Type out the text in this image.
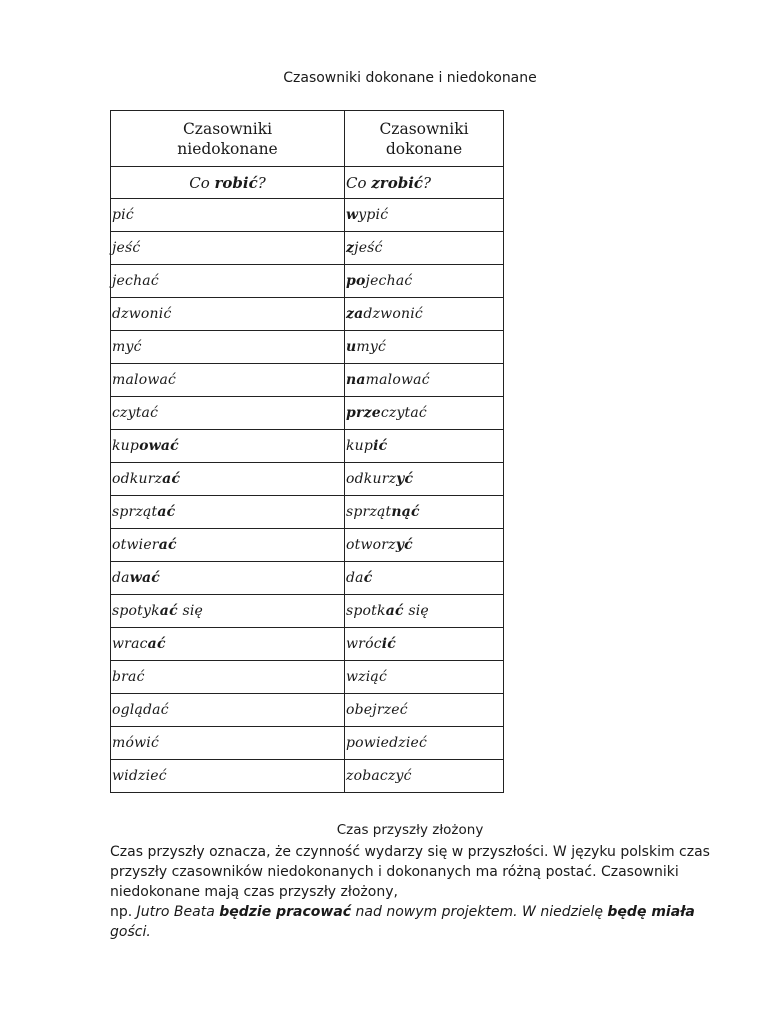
Czasowniki dokonane i niedokonane
Czasowniki niedokonane	Czasowniki dokonane
Co robić?	Co zrobić?
pić	wypić
jeść	zjeść
jechać	pojechać
dzwonić	zadzwonić
myć	umyć
malować	namalować
czytać	przeczytać
kupować	kupić
odkurzać	odkurzyć
sprzątać	sprzątnąć
otwierać	otworzyć
dawać	dać
spotykać się	spotkać się
wracać	wrócić
brać	wziąć
oglądać	obejrzeć
mówić	powiedzieć
widzieć	zobaczyć
Czas przyszły złożony

Czas przyszły oznacza, że czynność wydarzy się w przyszłości. W języku polskim czas przyszły czasowników niedokonanych i dokonanych ma różną postać. Czasowniki niedokonane mają czas przyszły złożony,

np. Jutro Beata będzie pracować nad nowym projektem. W niedzielę będę miała gości.
